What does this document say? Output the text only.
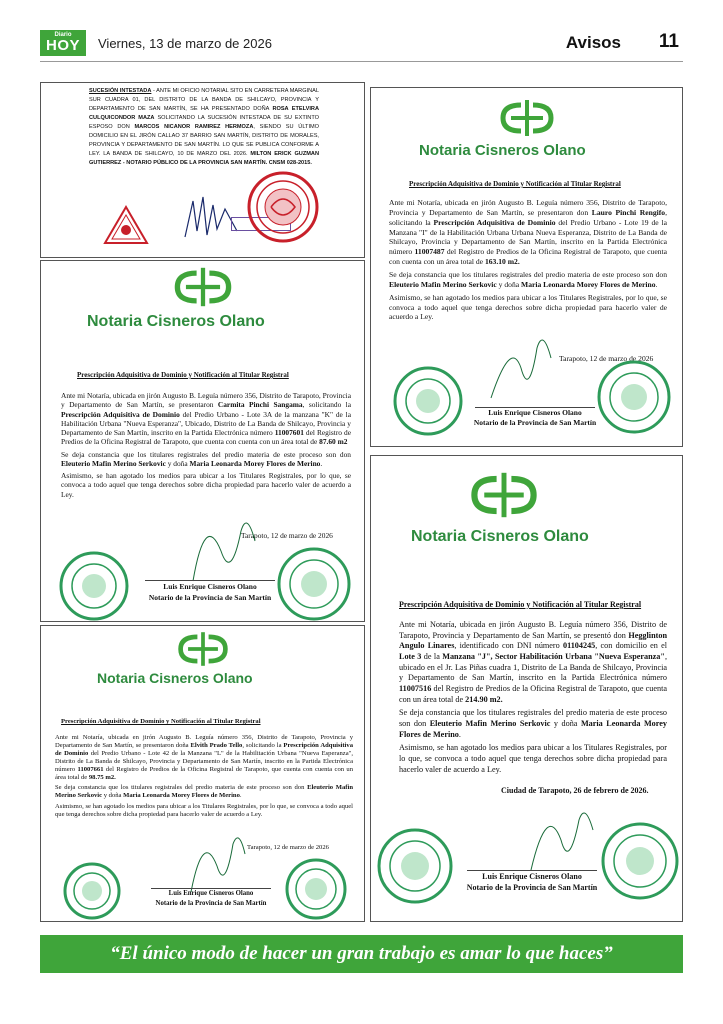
Diario
HOY	Viernes, 13 de marzo de 2026	Avisos 11
SUCESIÓN INTESTADA - ANTE MI OFICIO NOTARIAL SITO EN CARRETERA MARGINAL SUR CUADRA 01, DEL DISTRITO DE LA BANDA DE SHILCAYO, PROVINCIA Y DEPARTAMENTO DE SAN MARTÍN, SE HA PRESENTADO DOÑA ROSA ETELVIRA CULQUICONDOR MAZA SOLICITANDO LA SUCESIÓN INTESTADA DE SU EXTINTO ESPOSO DON MARCOS NICANOR RAMIREZ HERMOZA, SIENDO SU ÚLTIMO DOMICILIO EN EL JIRÓN CALLAO 37 BARRIO SAN MARTÍN, DISTRITO DE MORALES, PROVINCIA Y DEPARTAMENTO DE SAN MARTÍN. LO QUE SE PUBLICA CONFORME A LEY. LA BANDA DE SHILCAYO, 10 DE MARZO DEL 2026. MILTON ERICK GUZMAN GUTIERREZ - NOTARIO PÚBLICO DE LA PROVINCIA SAN MARTÍN. CNSM 028-2015.
Notaria Cisneros Olano
Prescripción Adquisitiva de Dominio y Notificación al Titular Registral

Ante mi Notaría, ubicada en jirón Augusto B. Leguía número 356, Distrito de Tarapoto, Provincia y Departamento de San Martín, se presentaron don Lauro Pinchi Rengifo, solicitando la Prescripción Adquisitiva de Dominio del Predio Urbano - Lote 19 de la Manzana "I" de la Habilitación Urbana Urbana Nueva Esperanza, Distrito de La Banda de Shilcayo, Provincia y Departamento de San Martín, inscrito en la Partida Electrónica número 11007487 del Registro de Predios de la Oficina Registral de Tarapoto, que cuenta con cuenta con un área total de 163.10 m2.

Se deja constancia que los titulares registrales del predio materia de este proceso son don Eleuterio Mafin Merino Serkovic y doña Maria Leonarda Morey Flores de Merino.

Asimismo, se han agotado los medios para ubicar a los Titulares Registrales, por lo que, se convoca a todo aquel que tenga derechos sobre dicha propiedad para hacerlo valer de acuerdo a Ley.

Tarapoto, 12 de marzo de 2026
Luis Enrique Cisneros Olano
Notario de la Provincia de San Martín
Notaria Cisneros Olano
Prescripción Adquisitiva de Dominio y Notificación al Titular Registral

Ante mi Notaría, ubicada en jirón Augusto B. Leguía número 356, Distrito de Tarapoto, Provincia y Departamento de San Martín, se presentaron Carmita Pinchi Sangama, solicitando la Prescripción Adquisitiva de Dominio del Predio Urbano - Lote 3A de la manzana "K" de la Habilitación Urbana "Nueva Esperanza", Ubicado, Distrito de La Banda de Shilcayo, Provincia y Departamento de San Martín, inscrito en la Partida Electrónica número 11007601 del Registro de Predios de la Oficina Registral de Tarapoto, que cuenta con cuenta con un área total de 87.60 m2

Se deja constancia que los titulares registrales del predio materia de este proceso son don Eleuterio Mafin Merino Serkovic y doña Maria Leonarda Morey Flores de Merino.

Asimismo, se han agotado los medios para ubicar a los Titulares Registrales, por lo que, se convoca a todo aquel que tenga derechos sobre dicha propiedad para hacerlo valer de acuerdo a Ley.

Tarapoto, 12 de marzo de 2026
Luis Enrique Cisneros Olano
Notario de la Provincia de San Martín
Notaria Cisneros Olano
Prescripción Adquisitiva de Dominio y Notificación al Titular Registral

Ante mi Notaría, ubicada en jirón Augusto B. Leguía número 356, Distrito de Tarapoto, Provincia y Departamento de San Martín, se presentó don Hegglinton Angulo Linares, identificado con DNI número 01104245, con domicilio en el Lote 3 de la Manzana "J", Sector Habilitación Urbana "Nueva Esperanza", ubicado en el Jr. Las Piñas cuadra 1, Distrito de La Banda de Shilcayo, Provincia y Departamento de San Martín, inscrito en la Partida Electrónica número 11007516 del Registro de Predios de la Oficina Registral de Tarapoto, que cuenta con un área total de 214.90 m2.

Se deja constancia que los titulares registrales del predio materia de este proceso son don Eleuterio Mafin Merino Serkovic y doña Maria Leonarda Morey Flores de Merino.

Asimismo, se han agotado los medios para ubicar a los Titulares Registrales, por lo que, se convoca a todo aquel que tenga derechos sobre dicha propiedad para hacerlo valer de acuerdo a Ley.

Ciudad de Tarapoto, 26 de febrero de 2026.
Luis Enrique Cisneros Olano
Notario de la Provincia de San Martín
Notaria Cisneros Olano
Prescripción Adquisitiva de Dominio y Notificación al Titular Registral

Ante mi Notaría, ubicada en jirón Augusto B. Leguía número 356, Distrito de Tarapoto, Provincia y Departamento de San Martín, se presentaron doña Elvith Prado Tello, solicitando la Prescripción Adquisitiva de Dominio del Predio Urbano - Lote 42 de la Manzana "L" de la Habilitación Urbana "Nueva Esperanza", Distrito de La Banda de Shilcayo, Provincia y Departamento de San Martín, inscrito en la Partida Electrónica número 11007661 del Registro de Predios de la Oficina Registral de Tarapoto, que cuenta con cuenta con un área total de 98.75 m2.

Se deja constancia que los titulares registrales del predio materia de este proceso son don Eleuterio Mafin Merino Serkovic y doña Maria Leonarda Morey Flores de Merino.

Asimismo, se han agotado los medios para ubicar a los Titulares Registrales, por lo que, se convoca a todo aquel que tenga derechos sobre dicha propiedad para hacerlo valer de acuerdo a Ley.

Tarapoto, 12 de marzo de 2026
Luis Enrique Cisneros Olano
Notario de la Provincia de San Martín
“El único modo de hacer un gran trabajo es amar lo que haces”
